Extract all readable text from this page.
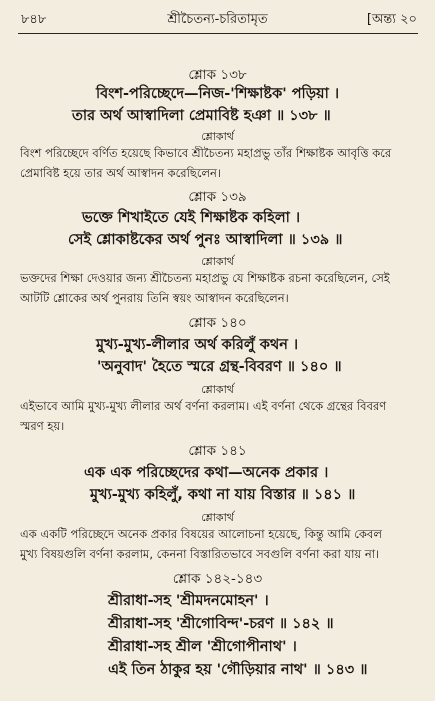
৮৪৮	শ্রীচৈতন্য-চরিতামৃত	[অন্ত্য ২০
শ্লোক ১৩৮
বিংশ-পরিচ্ছেদে—নিজ-'শিক্ষাষ্টক' পড়িয়া ।
তার অর্থ আস্বাদিলা প্রেমাবিষ্ট হঞা ॥ ১৩৮ ॥
শ্লোকার্থ
বিংশ পরিচ্ছেদে বর্ণিত হয়েছে কিভাবে শ্রীচৈতন্য মহাপ্রভু তাঁর শিক্ষাষ্টক আবৃত্তি করে
প্রেমাবিষ্ট হয়ে তার অর্থ আস্বাদন করেছিলেন।
শ্লোক ১৩৯
ভক্তে শিখাইতে যেই শিক্ষাষ্টক কহিলা ।
সেই শ্লোকাষ্টকের অর্থ পুনঃ আস্বাদিলা ॥ ১৩৯ ॥
শ্লোকার্থ
ভক্তদের শিক্ষা দেওয়ার জন্য শ্রীচৈতন্য মহাপ্রভু যে শিক্ষাষ্টক রচনা করেছিলেন, সেই
আটটি শ্লোকের অর্থ পুনরায় তিনি স্বয়ং আস্বাদন করেছিলেন।
শ্লোক ১৪০
মুখ্য-মুখ্য-লীলার অর্থ করিলুঁ কথন ।
'অনুবাদ' হৈতে স্মরে গ্রন্থ-বিবরণ ॥ ১৪০ ॥
শ্লোকার্থ
এইভাবে আমি মুখ্য-মুখ্য লীলার অর্থ বর্ণনা করলাম। এই বর্ণনা থেকে গ্রন্থের বিবরণ
স্মরণ হয়।
শ্লোক ১৪১
এক এক পরিচ্ছেদের কথা—অনেক প্রকার ।
মুখ্য-মুখ্য কহিলুঁ, কথা না যায় বিস্তার ॥ ১৪১ ॥
শ্লোকার্থ
এক একটি পরিচ্ছেদে অনেক প্রকার বিষয়ের আলোচনা হয়েছে, কিন্তু আমি কেবল
মুখ্য বিষয়গুলি বর্ণনা করলাম, কেননা বিস্তারিতভাবে সবগুলি বর্ণনা করা যায় না।
শ্লোক ১৪২-১৪৩
শ্রীরাধা-সহ 'শ্রীমদনমোহন' ।
শ্রীরাধা-সহ 'শ্রীগোবিন্দ'-চরণ ॥ ১৪২ ॥
শ্রীরাধা-সহ শ্রীল 'শ্রীগোপীনাথ' ।
এই তিন ঠাকুর হয় 'গৌড়িয়ার নাথ' ॥ ১৪৩ ॥
